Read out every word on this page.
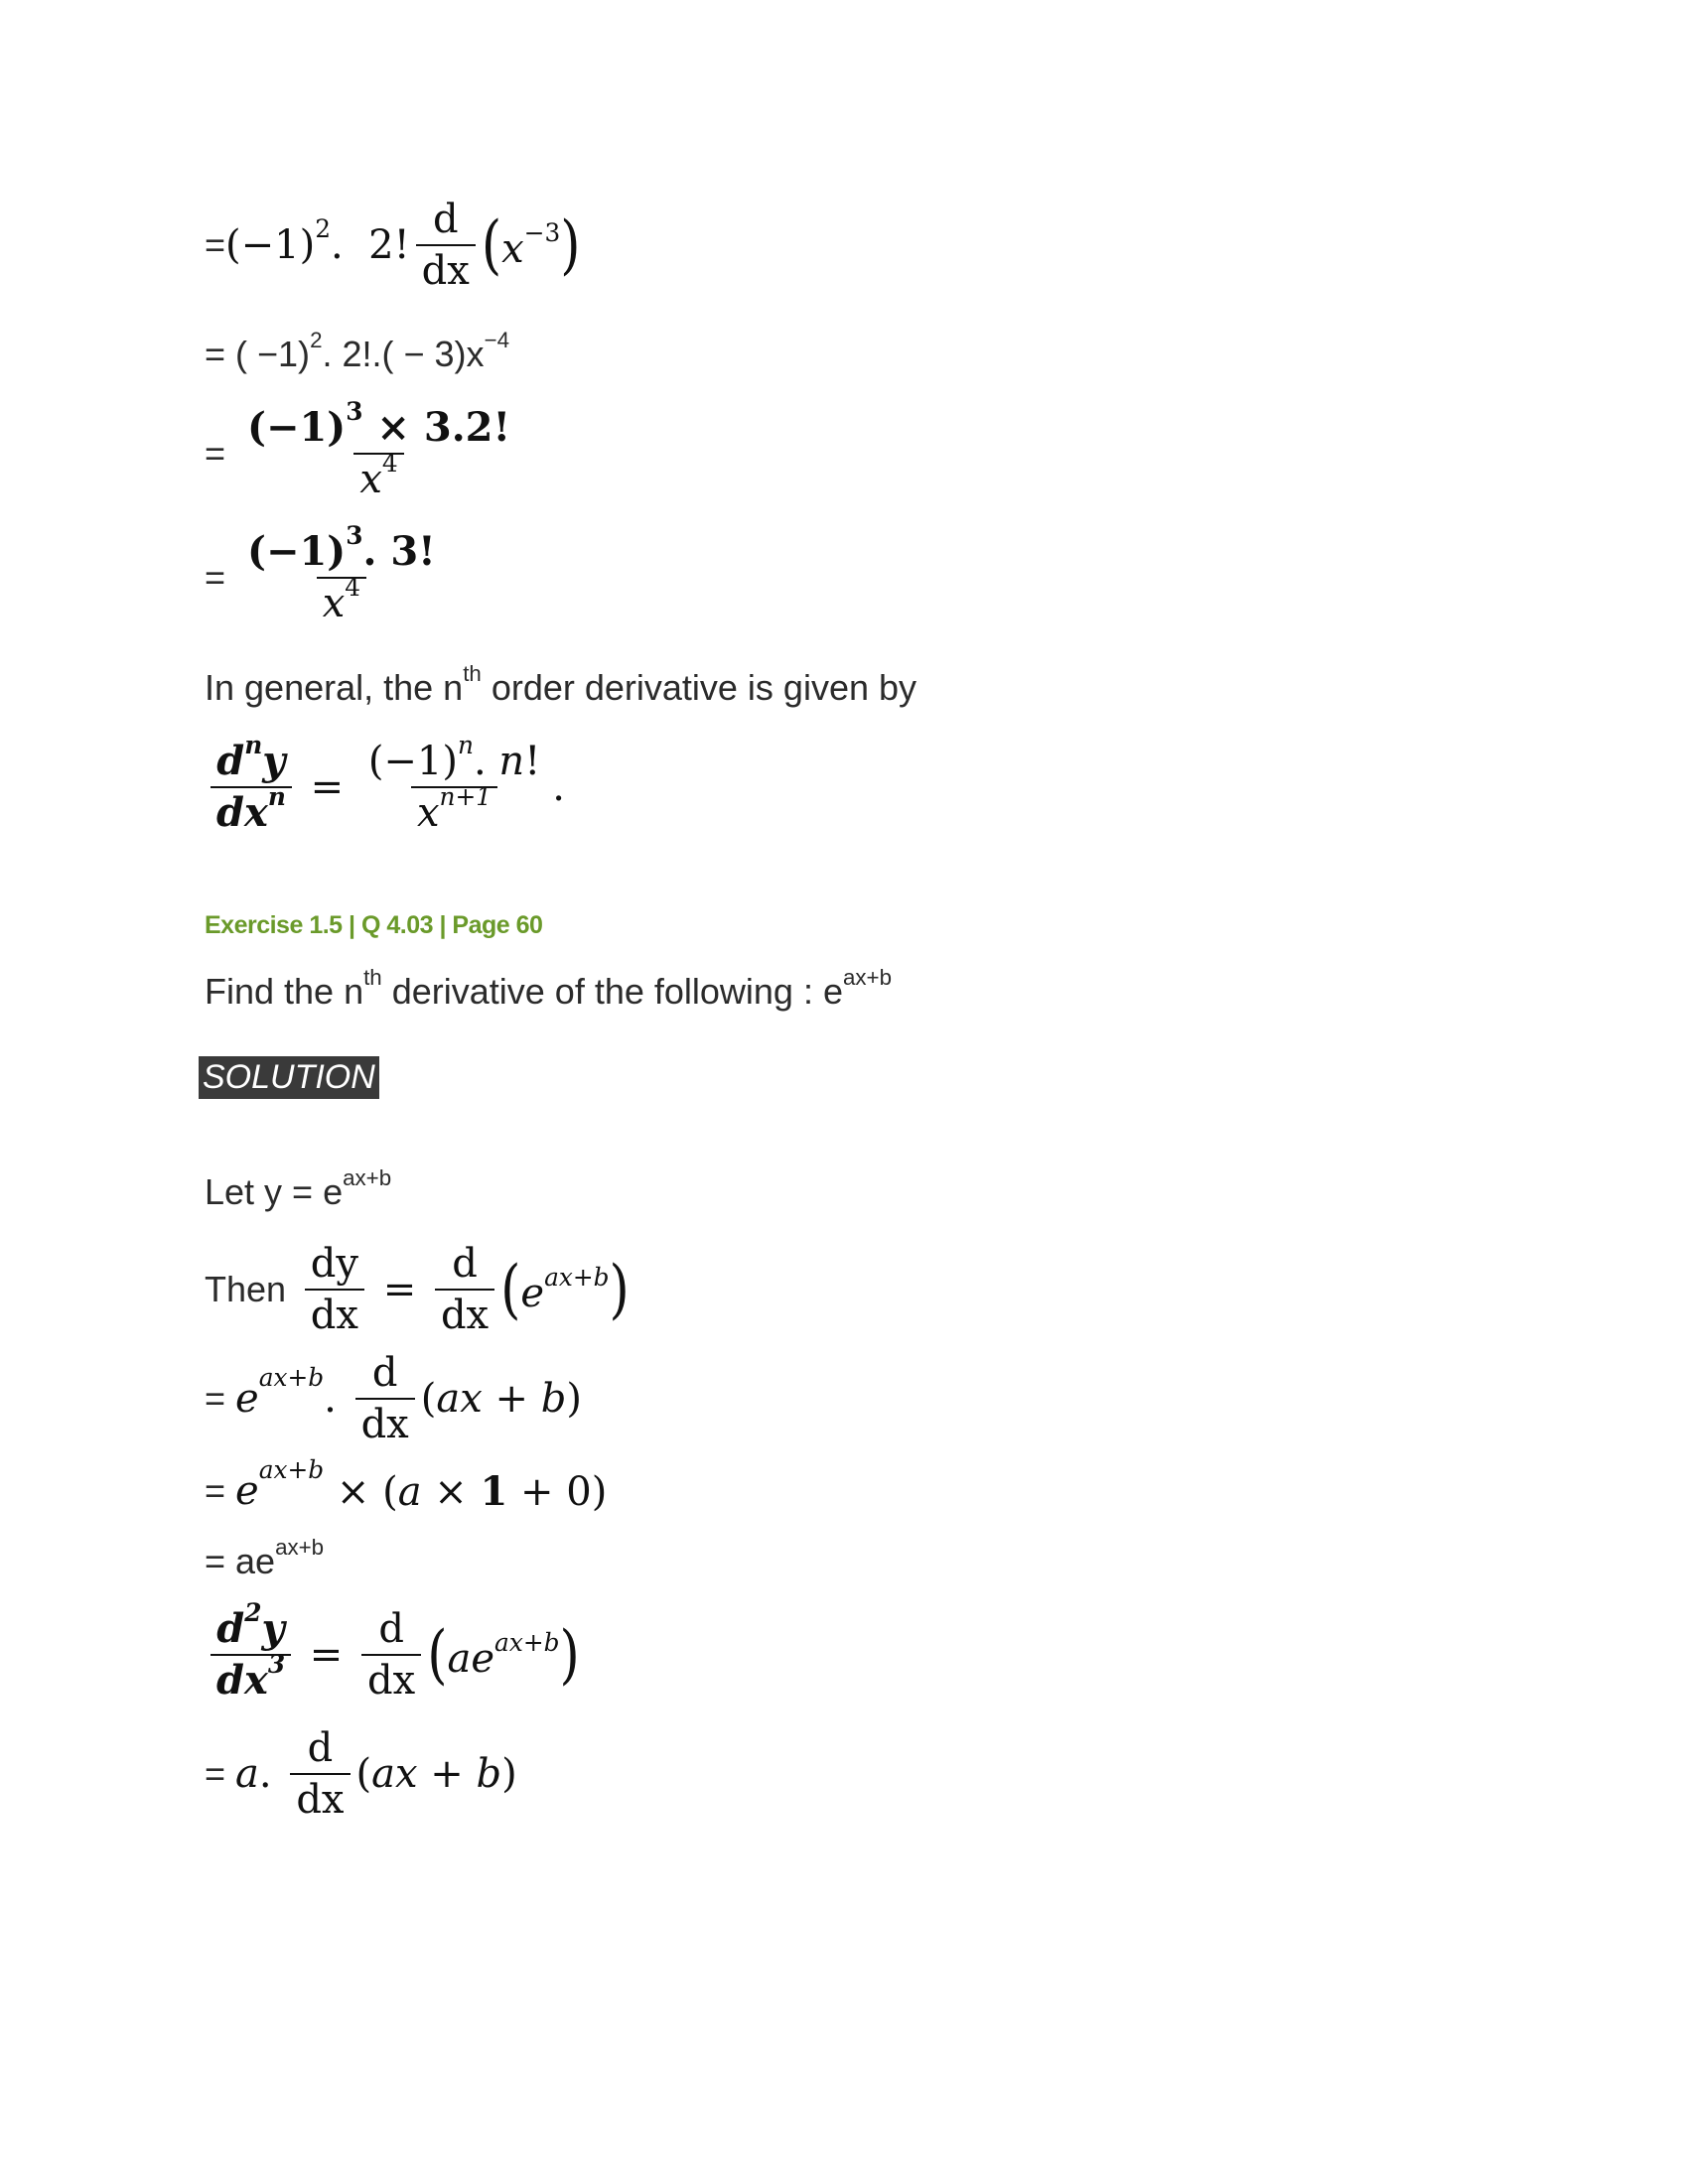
= $(-1)^2$.  2! $\frac{d}{dx} (x^{-3})$
= ( −1)$^2$. $2!.( - 3)x^{-4}$
= $\frac{(-1)^3 \times 3.2!}{x^4}$
= $\frac{(-1)^3. 3!}{x^4}$
In general, the $n^{th}$ order derivative is given by
$\frac{d^ny}{dx^n} = \frac{(-1)^n. n!}{x^{n+1}}$ .
Exercise 1.5 | Q 4.03 | Page 60
Find the $n^{th}$ derivative of the following : $e^{ax+b}$
SOLUTION
Let $y = e^{ax+b}$
Then
$\frac{dy}{dx} = \frac{d}{dx} (e^{ax+b})$
= $e^{ax+b}$ . $\frac{d}{dx} (ax + b)$
= $e^{ax+b} \times (a \times 1 + 0)$
= $ae^{ax+b}$
$\frac{d^2y}{dx^3} = \frac{d}{dx} (ae^{ax+b})$
= a . $\frac{d}{dx} (ax + b)$
